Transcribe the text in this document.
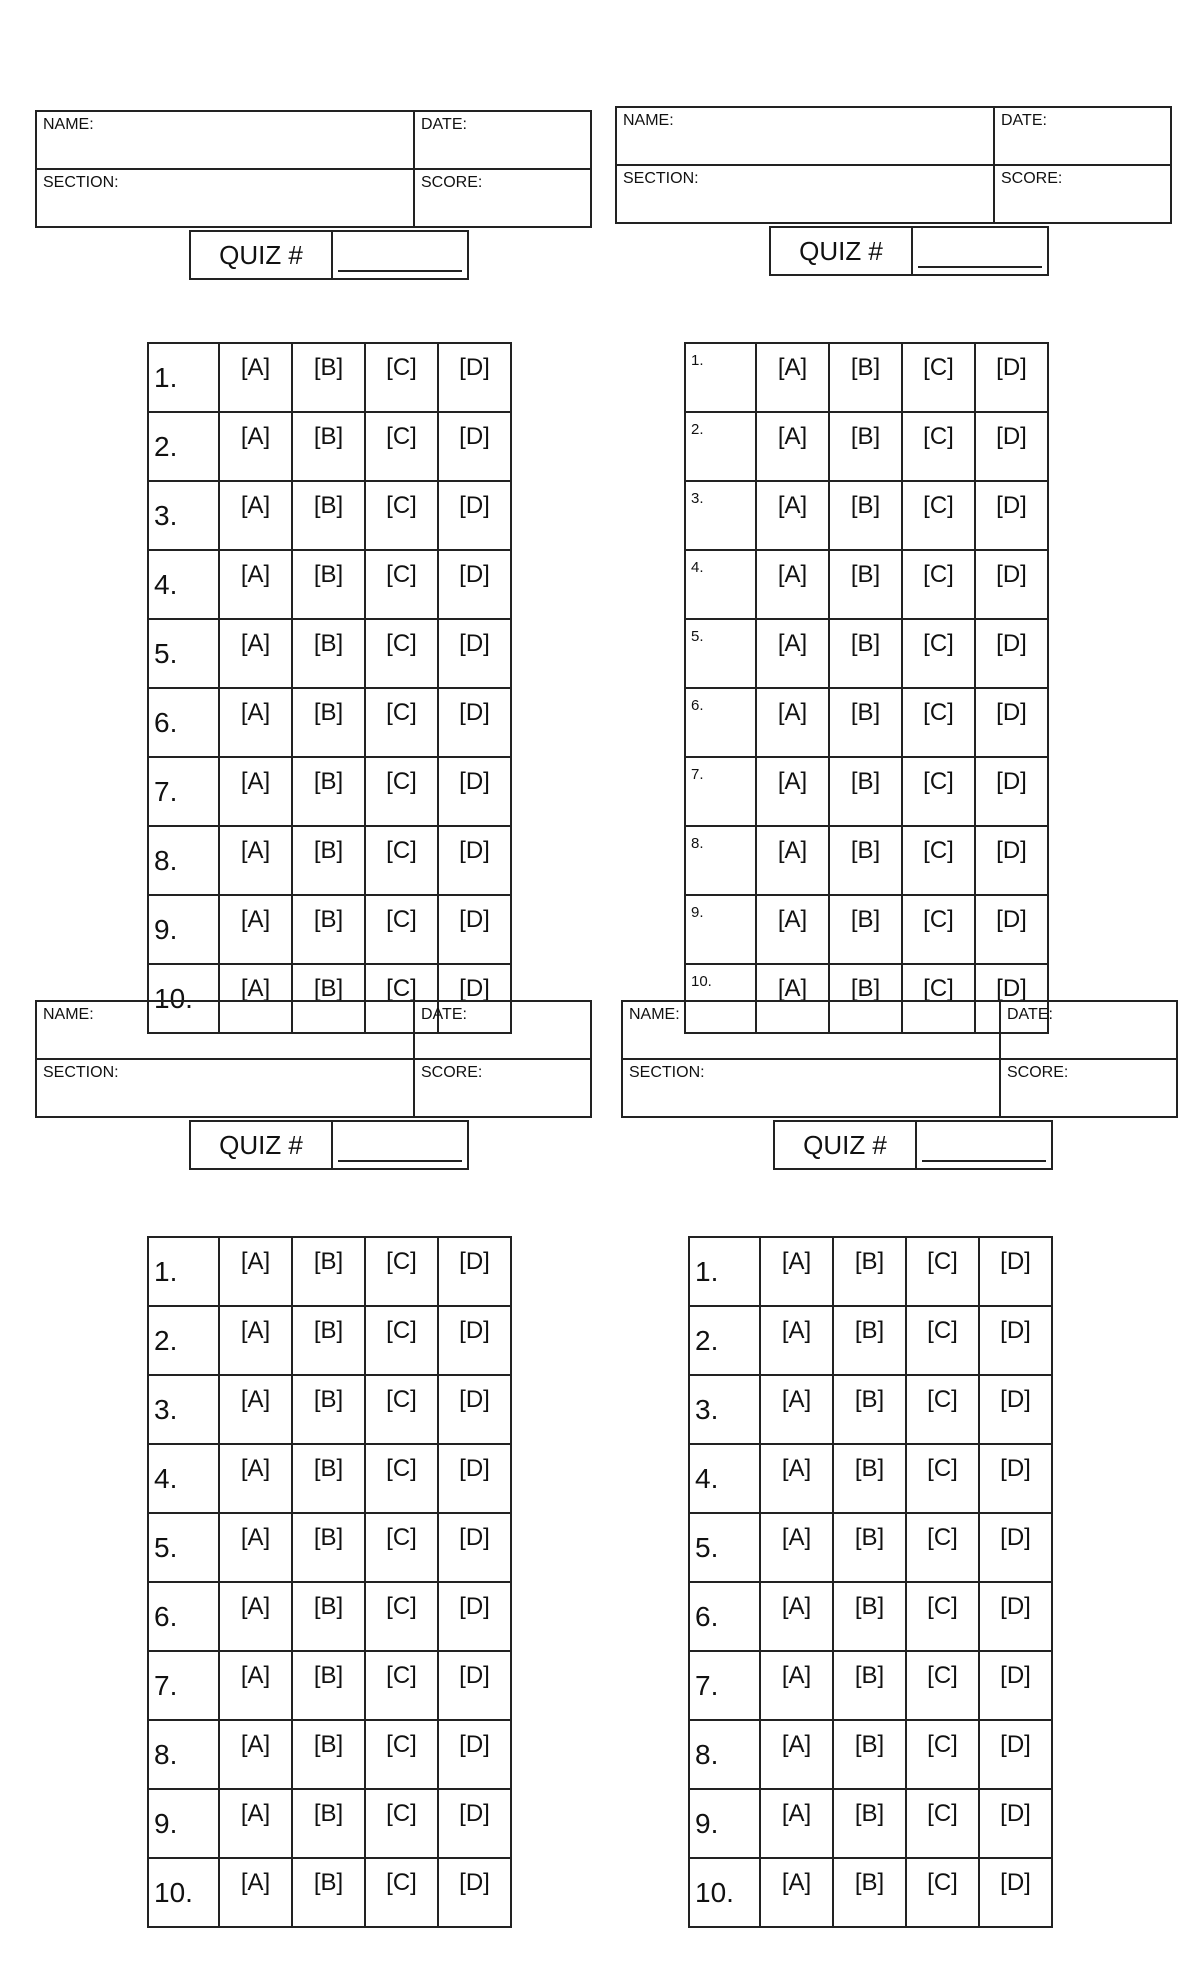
NAME:	DATE:
SECTION:	SCORE:
QUIZ #
1.	[A]	[B]	[C]	[D]
2.	[A]	[B]	[C]	[D]
3.	[A]	[B]	[C]	[D]
4.	[A]	[B]	[C]	[D]
5.	[A]	[B]	[C]	[D]
6.	[A]	[B]	[C]	[D]
7.	[A]	[B]	[C]	[D]
8.	[A]	[B]	[C]	[D]
9.	[A]	[B]	[C]	[D]
10.	[A]	[B]	[C]	[D]
NAME:	DATE:
SECTION:	SCORE:
QUIZ #
1.	[A]	[B]	[C]	[D]
2.	[A]	[B]	[C]	[D]
3.	[A]	[B]	[C]	[D]
4.	[A]	[B]	[C]	[D]
5.	[A]	[B]	[C]	[D]
6.	[A]	[B]	[C]	[D]
7.	[A]	[B]	[C]	[D]
8.	[A]	[B]	[C]	[D]
9.	[A]	[B]	[C]	[D]
10.	[A]	[B]	[C]	[D]
NAME:	DATE:
SECTION:	SCORE:
QUIZ #
1.	[A]	[B]	[C]	[D]
2.	[A]	[B]	[C]	[D]
3.	[A]	[B]	[C]	[D]
4.	[A]	[B]	[C]	[D]
5.	[A]	[B]	[C]	[D]
6.	[A]	[B]	[C]	[D]
7.	[A]	[B]	[C]	[D]
8.	[A]	[B]	[C]	[D]
9.	[A]	[B]	[C]	[D]
10.	[A]	[B]	[C]	[D]
NAME:	DATE:
SECTION:	SCORE:
QUIZ #
1.	[A]	[B]	[C]	[D]
2.	[A]	[B]	[C]	[D]
3.	[A]	[B]	[C]	[D]
4.	[A]	[B]	[C]	[D]
5.	[A]	[B]	[C]	[D]
6.	[A]	[B]	[C]	[D]
7.	[A]	[B]	[C]	[D]
8.	[A]	[B]	[C]	[D]
9.	[A]	[B]	[C]	[D]
10.	[A]	[B]	[C]	[D]
